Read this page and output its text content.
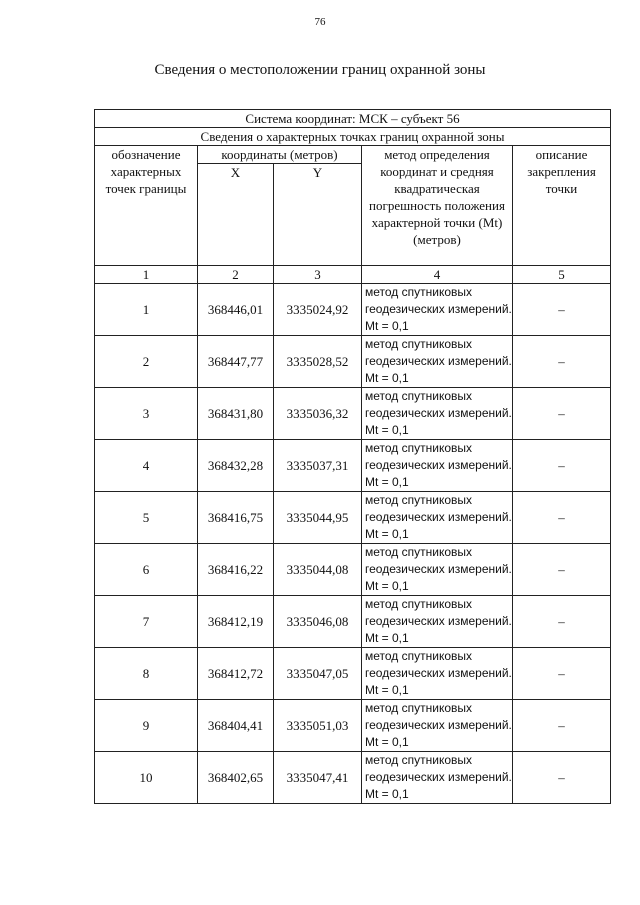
76
Сведения о местоположении границ охранной зоны
Система координат: МСК – субъект 56				
Сведения о характерных точках границ охранной зоны				
обозначение характерных точек границы	координаты (метров)		метод определения координат и средняя квадратическая погрешность положения характерной точки (Mt) (метров)	описание закрепления точки
	X	Y		
1	2	3	4	5
1	368446,01	3335024,92	метод спутниковых геодезических измерений. Mt = 0,1	–
2	368447,77	3335028,52	метод спутниковых геодезических измерений. Mt = 0,1	–
3	368431,80	3335036,32	метод спутниковых геодезических измерений. Mt = 0,1	–
4	368432,28	3335037,31	метод спутниковых геодезических измерений. Mt = 0,1	–
5	368416,75	3335044,95	метод спутниковых геодезических измерений. Mt = 0,1	–
6	368416,22	3335044,08	метод спутниковых геодезических измерений. Mt = 0,1	–
7	368412,19	3335046,08	метод спутниковых геодезических измерений. Mt = 0,1	–
8	368412,72	3335047,05	метод спутниковых геодезических измерений. Mt = 0,1	–
9	368404,41	3335051,03	метод спутниковых геодезических измерений. Mt = 0,1	–
10	368402,65	3335047,41	метод спутниковых геодезических измерений. Mt = 0,1	–
